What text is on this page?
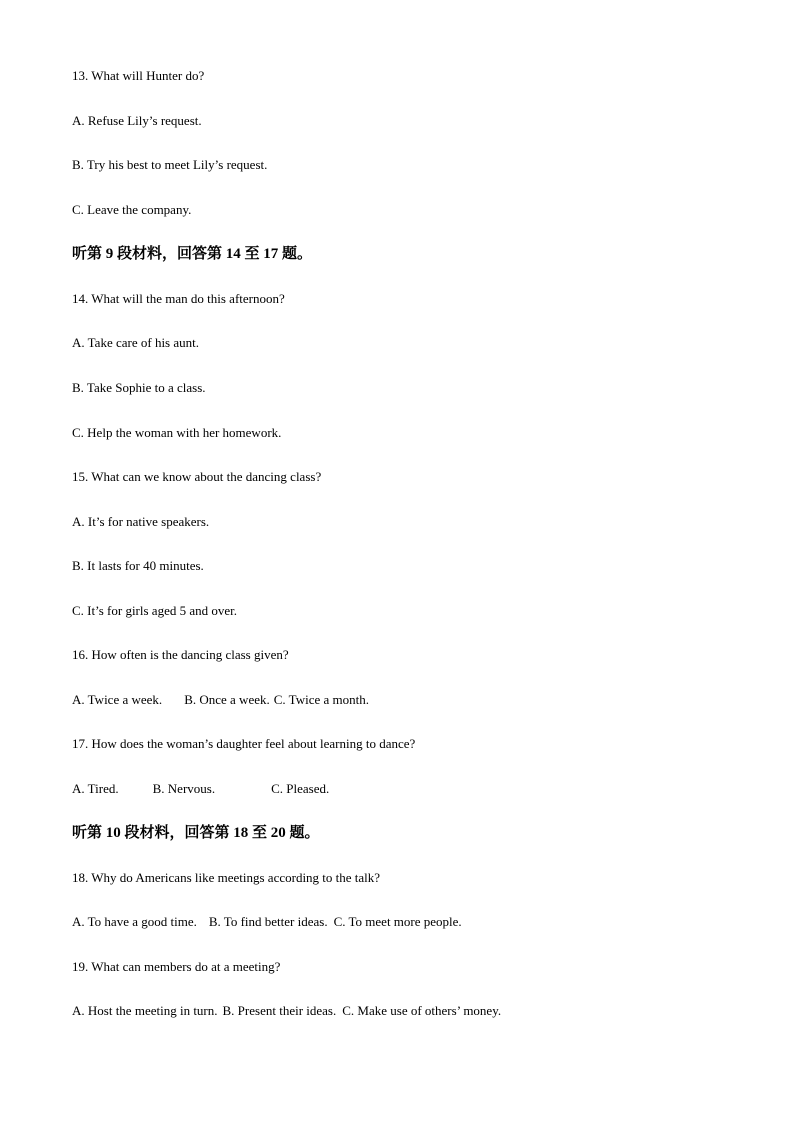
13. What will Hunter do?

A. Refuse Lily’s request.

B. Try his best to meet Lily’s request.

C. Leave the company.

听第 9 段材料，回答第 14 至 17 题。

14. What will the man do this afternoon?

A. Take care of his aunt.

B. Take Sophie to a class.

C. Help the woman with her homework.

15. What can we know about the dancing class?

A. It’s for native speakers.

B. It lasts for 40 minutes.

C. It’s for girls aged 5 and over.

16. How often is the dancing class given?

A. Twice a week. B. Once a week. C. Twice a month.

17. How does the woman’s daughter feel about learning to dance?

A. Tired.	B. Nervous.	C. Pleased.

听第 10 段材料，回答第 18 至 20 题。

18. Why do Americans like meetings according to the talk?

A. To have a good time. B. To find better ideas. C. To meet more people.

19. What can members do at a meeting?

A. Host the meeting in turn. B. Present their ideas. C. Make use of others’ money.
